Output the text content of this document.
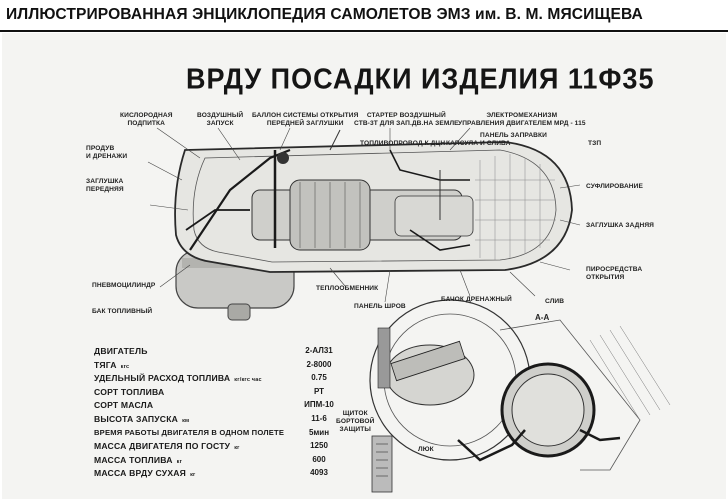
ИЛЛЮСТРИРОВАННАЯ ЭНЦИКЛОПЕДИЯ САМОЛЕТОВ ЭМЗ им. В. М. МЯСИЩЕВА
ВРДУ ПОСАДКИ ИЗДЕЛИЯ 11Ф35
КИСЛОРОДНАЯ
ПОДПИТКА
ВОЗДУШНЫЙ
ЗАПУСК
БАЛЛОН СИСТЕМЫ ОТКРЫТИЯ
ПЕРЕДНЕЙ ЗАГЛУШКИ
СТАРТЕР ВОЗДУШНЫЙ
СТВ-3Т ДЛЯ ЗАП.ДВ.НА ЗЕМЛЕ
ЭЛЕКТРОМЕХАНИЗМ
УПРАВЛЕНИЯ ДВИГАТЕЛЕМ МРД - 115
ТОПЛИВОПРОВОД К ДЦН КАПСУЛА
ПАНЕЛЬ ЗАПРАВКИ
И СЛИВА	ТЗП
ПРОДУВ
И ДРЕНАЖИ
ЗАГЛУШКА
ПЕРЕДНЯЯ	СУФЛИРОВАНИЕ
ЗАГЛУШКА ЗАДНЯЯ
ПИРОСРЕДСТВА
ОТКРЫТИЯ
ПНЕВМОЦИЛИНДР	ТЕПЛООБМЕННИК
БАК ТОПЛИВНЫЙ
ПАНЕЛЬ ШРОВ
БАЧОК ДРЕНАЖНЫЙ	СЛИВ
А-А
ЩИТОК
БОРТОВОЙ
ЗАЩИТЫ
ЛЮК
ДВИГАТЕЛЬ	2-АЛ31
ТЯГА кгс	2-8000
УДЕЛЬНЫЙ РАСХОД ТОПЛИВА кг/кгс час	0.75
СОРТ ТОПЛИВА	РТ
СОРТ МАСЛА	ИПМ-10
ВЫСОТА ЗАПУСКА км	11-6
ВРЕМЯ РАБОТЫ ДВИГАТЕЛЯ В ОДНОМ ПОЛЕТЕ	5мин
МАССА ДВИГАТЕЛЯ ПО ГОСТУ кг	1250
МАССА ТОПЛИВА кг	600
МАССА ВРДУ СУХАЯ кг	4093
